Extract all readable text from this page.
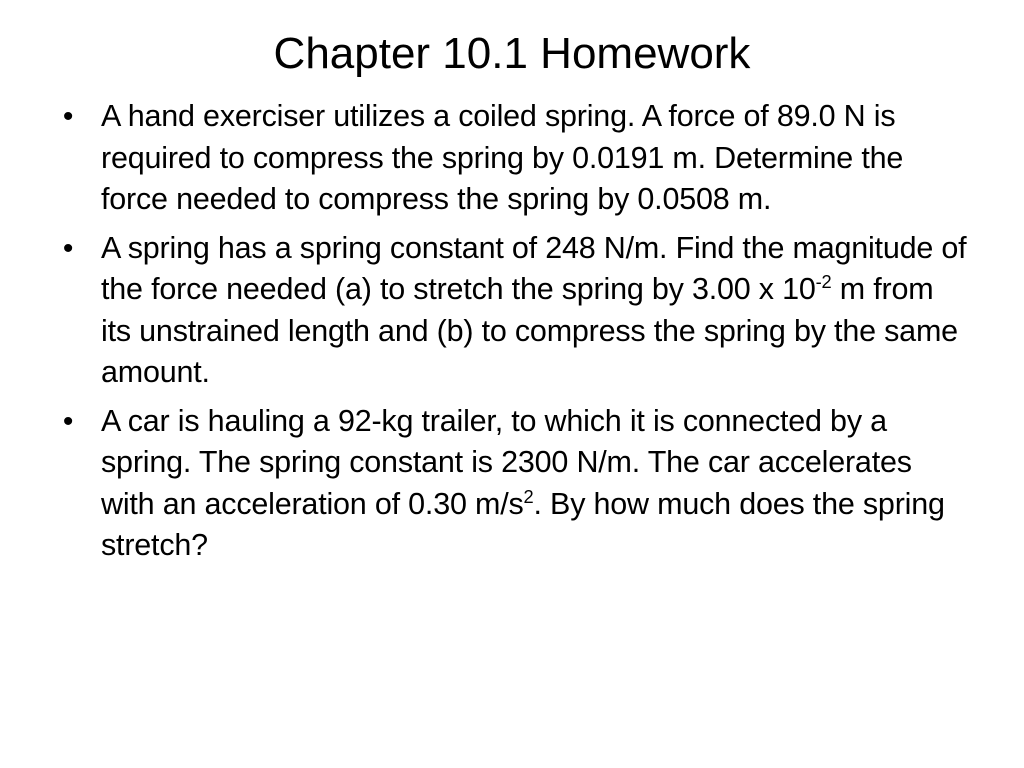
Chapter 10.1 Homework
• A hand exerciser utilizes a coiled spring. A force of 89.0 N is required to compress the spring by 0.0191 m. Determine the force needed to compress the spring by 0.0508 m.
• A spring has a spring constant of 248 N/m. Find the magnitude of the force needed (a) to stretch the spring by 3.00 x $10^{-2}$ m from its unstrained length and (b) to compress the spring by the same amount.
• A car is hauling a 92-kg trailer, to which it is connected by a spring. The spring constant is 2300 N/m. The car accelerates with an acceleration of 0.30 $m/s^2$. By how much does the spring stretch?
